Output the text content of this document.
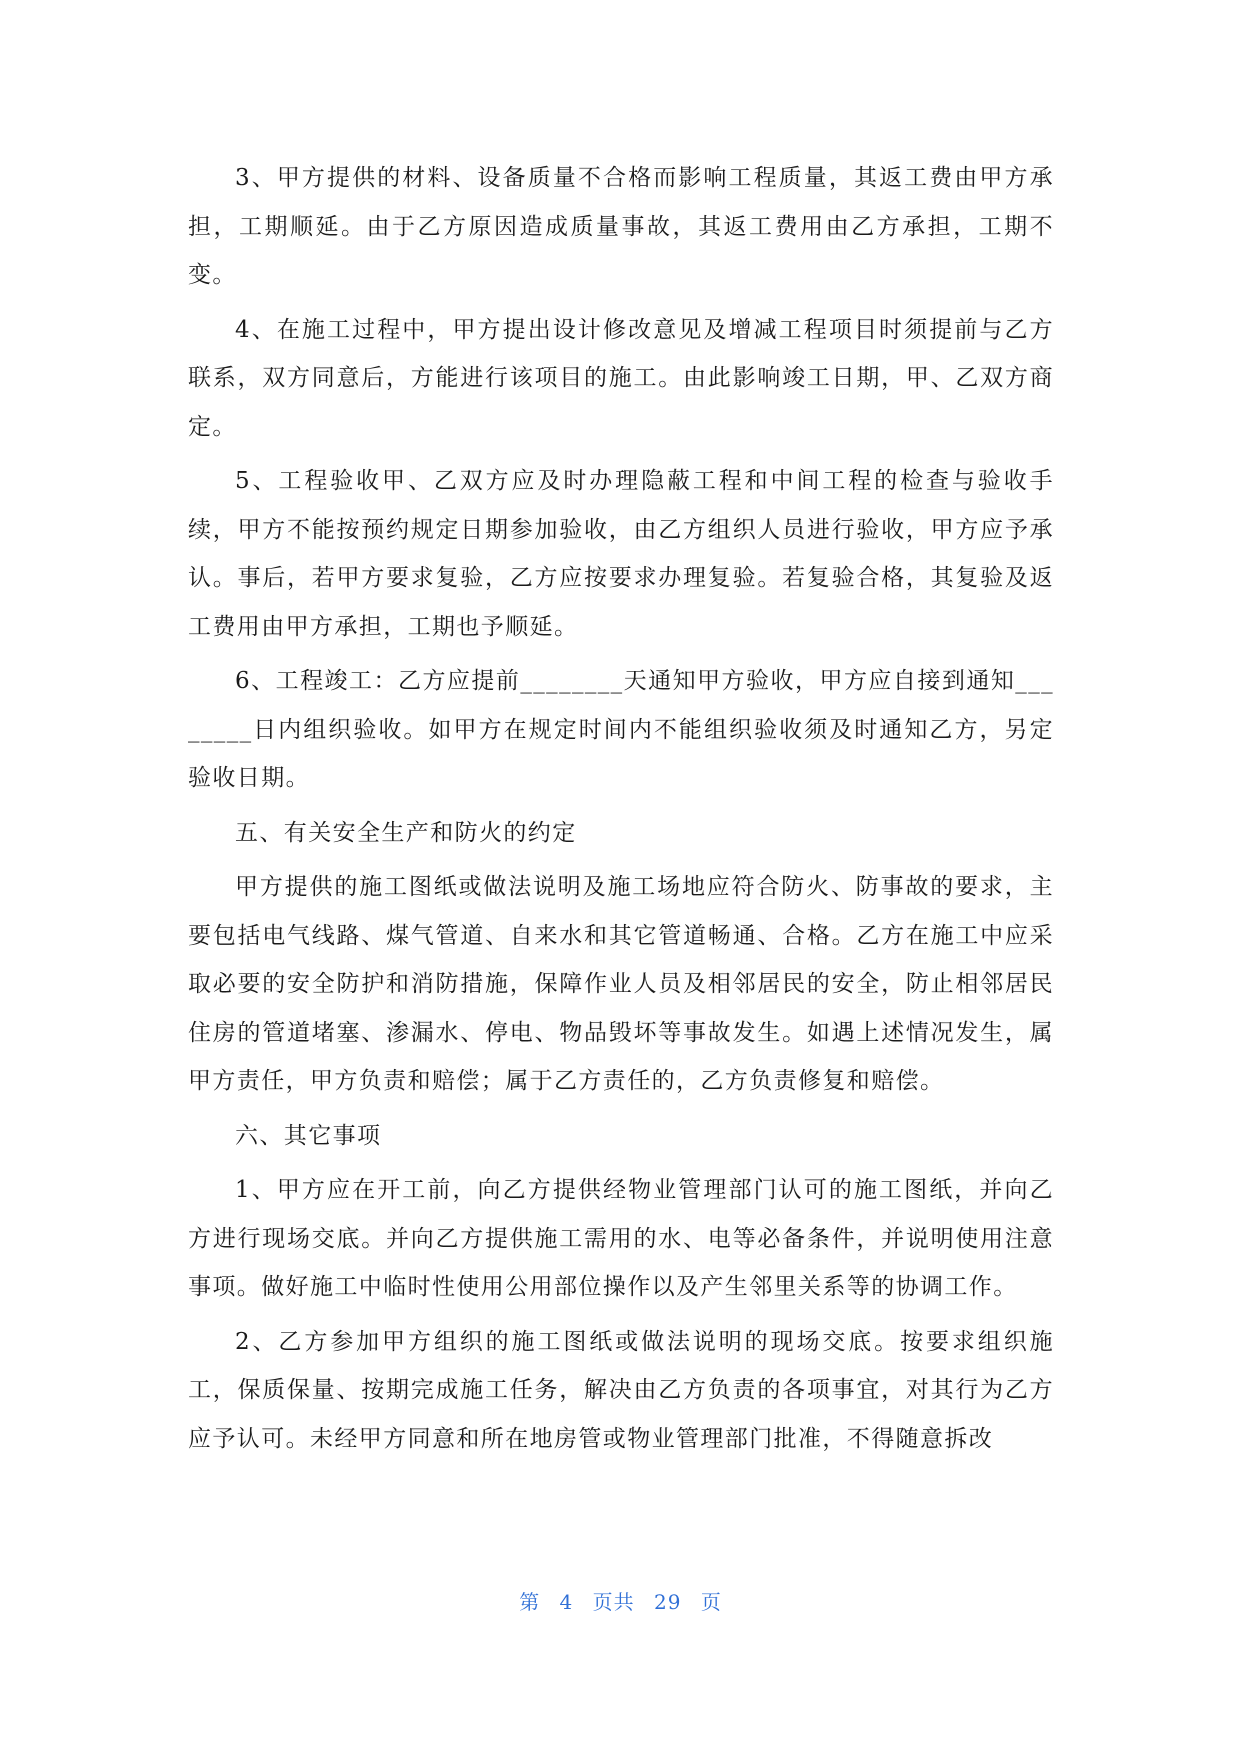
3、甲方提供的材料、设备质量不合格而影响工程质量，其返工费由甲方承担，工期顺延。由于乙方原因造成质量事故，其返工费用由乙方承担，工期不变。

4、在施工过程中，甲方提出设计修改意见及增减工程项目时须提前与乙方联系，双方同意后，方能进行该项目的施工。由此影响竣工日期，甲、乙双方商定。

5、工程验收甲、乙双方应及时办理隐蔽工程和中间工程的检查与验收手续，甲方不能按预约规定日期参加验收，由乙方组织人员进行验收，甲方应予承认。事后，若甲方要求复验，乙方应按要求办理复验。若复验合格，其复验及返工费用由甲方承担，工期也予顺延。

6、工程竣工：乙方应提前________天通知甲方验收，甲方应自接到通知________日内组织验收。如甲方在规定时间内不能组织验收须及时通知乙方，另定验收日期。

五、有关安全生产和防火的约定

甲方提供的施工图纸或做法说明及施工场地应符合防火、防事故的要求，主要包括电气线路、煤气管道、自来水和其它管道畅通、合格。乙方在施工中应采取必要的安全防护和消防措施，保障作业人员及相邻居民的安全，防止相邻居民住房的管道堵塞、渗漏水、停电、物品毁坏等事故发生。如遇上述情况发生，属甲方责任，甲方负责和赔偿；属于乙方责任的，乙方负责修复和赔偿。

六、其它事项

1、甲方应在开工前，向乙方提供经物业管理部门认可的施工图纸，并向乙方进行现场交底。并向乙方提供施工需用的水、电等必备条件，并说明使用注意事项。做好施工中临时性使用公用部位操作以及产生邻里关系等的协调工作。

2、乙方参加甲方组织的施工图纸或做法说明的现场交底。按要求组织施工，保质保量、按期完成施工任务，解决由乙方负责的各项事宜，对其行为乙方应予认可。未经甲方同意和所在地房管或物业管理部门批准，不得随意拆改

第 4 页共 29 页
